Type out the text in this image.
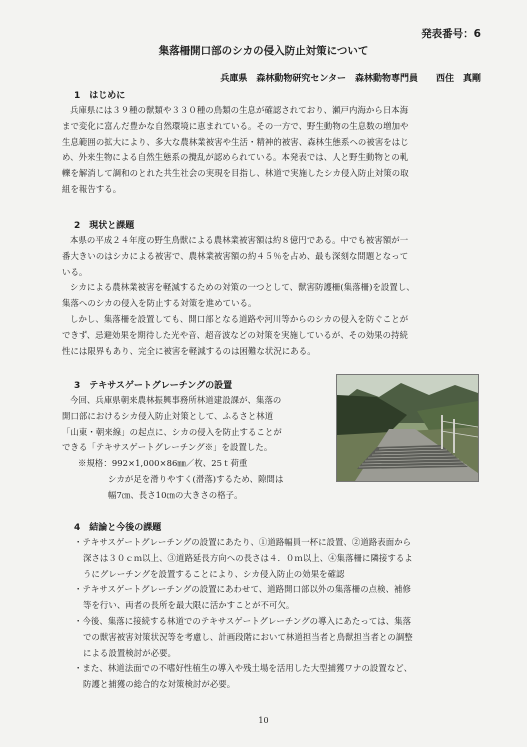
発表番号：6
集落柵開口部のシカの侵入防止対策について
兵庫県　森林動物研究センター　森林動物専門員　　西住　真剛
1　はじめに
兵庫県には３９種の獣類や３３０種の鳥類の生息が確認されており、瀬戸内海から日本海
まで変化に富んだ豊かな自然環境に恵まれている。その一方で、野生動物の生息数の増加や
生息範囲の拡大により、多大な農林業被害や生活・精神的被害、森林生態系への被害をはじ
め、外来生物による自然生態系の攪乱が認められている。本発表では、人と野生動物との軋
轢を解消して調和のとれた共生社会の実現を目指し、林道で実施したシカ侵入防止対策の取
組を報告する。
2　現状と課題
本県の平成２４年度の野生鳥獣による農林業被害額は約８億円である。中でも被害額が一
番大きいのはシカによる被害で、農林業被害額の約４５％を占め、最も深刻な問題となって
いる。
シカによる農林業被害を軽減するための対策の一つとして、獣害防護柵(集落柵)を設置し、
集落へのシカの侵入を防止する対策を進めている。
しかし、集落柵を設置しても、開口部となる道路や河川等からのシカの侵入を防ぐことが
できず、忌避効果を期待した光や音、超音波などの対策を実施しているが、その効果の持続
性には限界もあり、完全に被害を軽減するのは困難な状況にある。
3　テキサスゲートグレーチングの設置
今回、兵庫県朝来農林振興事務所林道建設課が、集落の
開口部におけるシカ侵入防止対策として、ふるさと林道
「山東・朝来線」の起点に、シカの侵入を防止することが
できる「テキサスゲートグレーチング※」を設置した。
※規格：992×1,000×86㎜／枚、25ｔ荷重
シカが足を滑りやすく(滑落)するため、隙間は
幅7㎝、長さ10㎝の大きさの格子。
4　結論と今後の課題
・テキサスゲートグレーチングの設置にあたり、①道路幅員一杯に設置、②道路表面から
深さは３０ｃｍ以上、③道路延長方向への長さは４．０ｍ以上、④集落柵に隣接するよ
うにグレーチングを設置することにより、シカ侵入防止の効果を確認
・テキサスゲートグレーチングの設置にあわせて、道路開口部以外の集落柵の点検、補修
等を行い、両者の長所を最大限に活かすことが不可欠。
・今後、集落に接続する林道でのテキサスゲートグレーチングの導入にあたっては、集落
での獣害被害対策状況等を考慮し、計画段階において林道担当者と鳥獣担当者との調整
による設置検討が必要。
・また、林道法面での不嗜好性植生の導入や残土場を活用した大型捕獲ワナの設置など、
防護と捕獲の総合的な対策検討が必要。
10
